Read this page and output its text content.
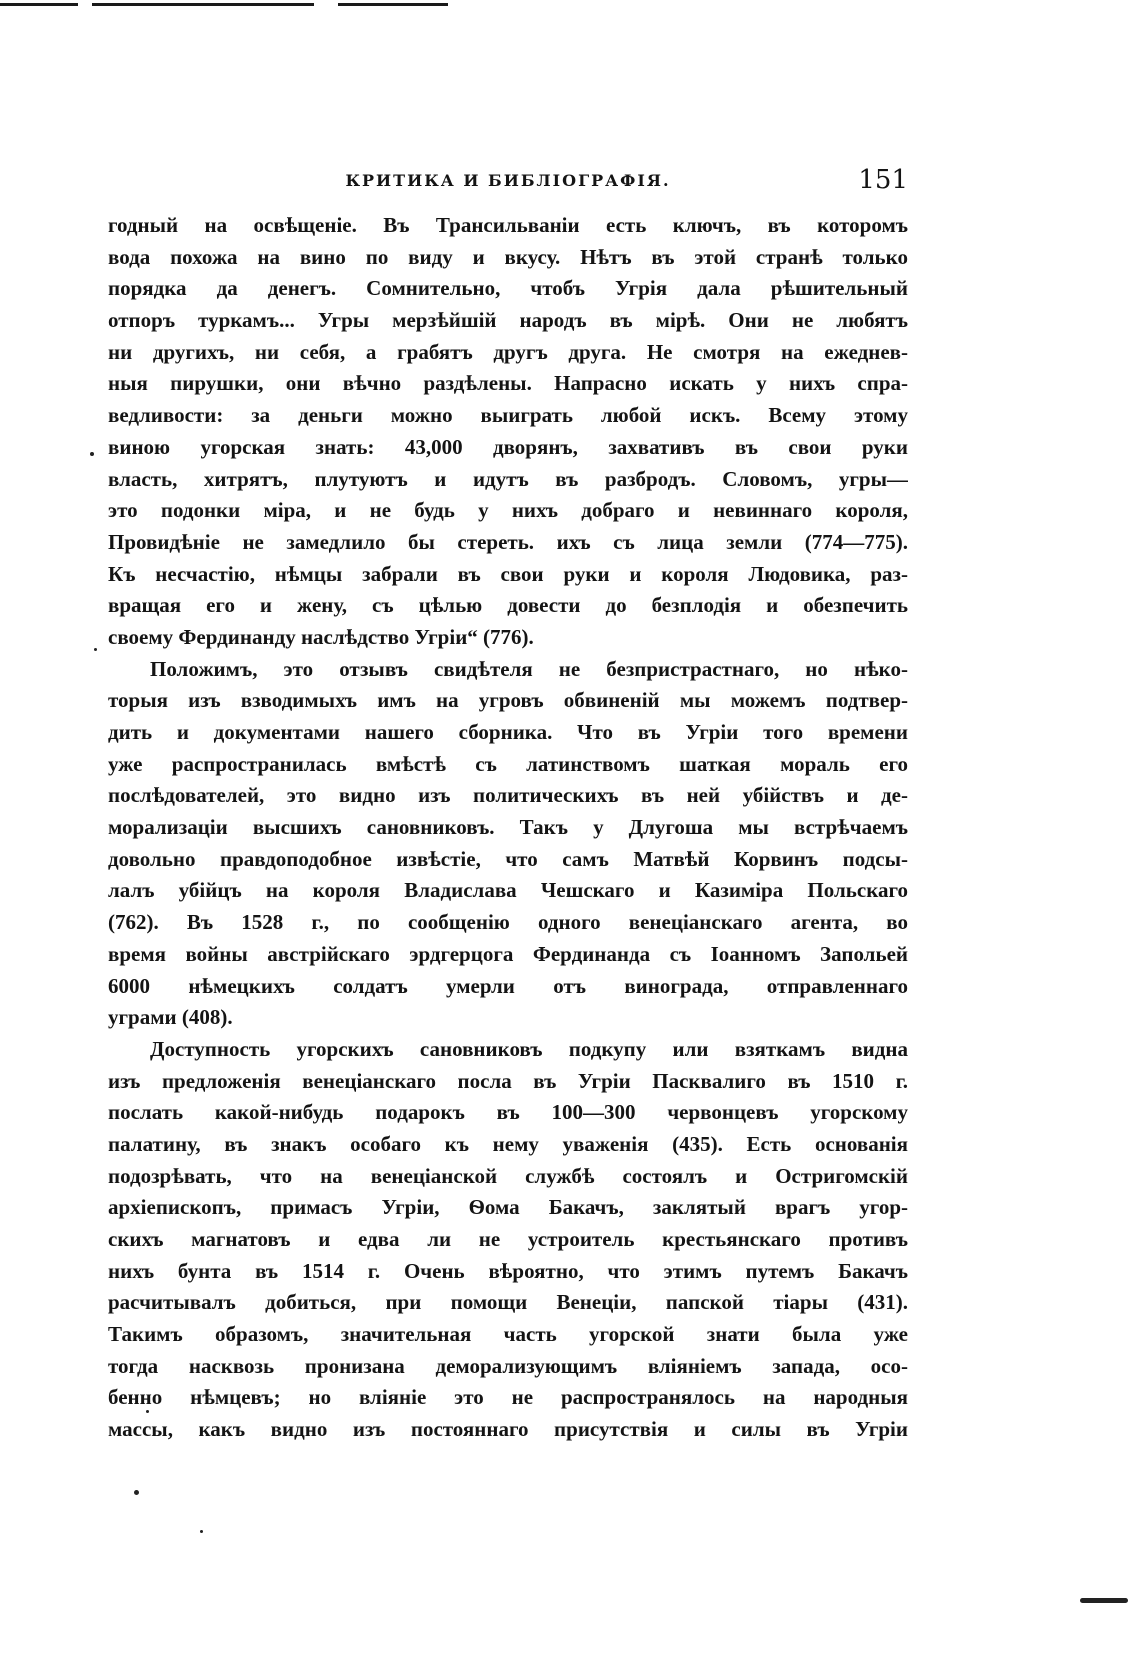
КРИТИКА И БИБЛІОГРАФІЯ.	151
годный на освѣщеніе. Въ Трансильваніи есть ключъ, въ которомъ
вода похожа на вино по виду и вкусу. Нѣтъ въ этой странѣ только
порядка да денегъ. Сомнительно, чтобъ Угрія дала рѣшительный
отпоръ туркамъ... Угры мерзѣйшій народъ въ мірѣ. Они не любятъ
ни другихъ, ни себя, а грабятъ другъ друга. Не смотря на ежеднев-
ныя пирушки, они вѣчно раздѣлены. Напрасно искать у нихъ спра-
ведливости: за деньги можно выиграть любой искъ. Всему этому
виною угорская знать: 43,000 дворянъ, захвативъ въ свои руки
власть, хитрятъ, плутуютъ и идутъ въ разбродъ. Словомъ, угры—
это подонки міра, и не будь у нихъ добраго и невиннаго короля,
Провидѣніе не замедлило бы стереть. ихъ съ лица земли (774—775).
Къ несчастію, нѣмцы забрали въ свои руки и короля Людовика, раз-
вращая его и жену, съ цѣлью довести до безплодія и обезпечить
своему Фердинанду наслѣдство Угріи“ (776).
Положимъ, это отзывъ свидѣтеля не безпристрастнаго, но нѣко-
торыя изъ взводимыхъ имъ на угровъ обвиненій мы можемъ подтвер-
дить и документами нашего сборника. Что въ Угріи того времени
уже распространилась вмѣстѣ съ латинствомъ шаткая мораль его
послѣдователей, это видно изъ политическихъ въ ней убійствъ и де-
морализаціи высшихъ сановниковъ. Такъ у Длугоша мы встрѣчаемъ
довольно правдоподобное извѣстіе, что самъ Матвѣй Корвинъ подсы-
лалъ убійцъ на короля Владислава Чешскаго и Казиміра Польскаго
(762). Въ 1528 г., по сообщенію одного венеціанскаго агента, во
время войны австрійскаго эрдгерцога Фердинанда съ Іоанномъ Запольей
6000 нѣмецкихъ солдатъ умерли отъ винограда, отправленнаго
уграми (408).
Доступность угорскихъ сановниковъ подкупу или взяткамъ видна
изъ предложенія венеціанскаго посла въ Угріи Пасквалиго въ 1510 г.
послать какой-нибудь подарокъ въ 100—300 червонцевъ угорскому
палатину, въ знакъ особаго къ нему уваженія (435). Есть основанія
подозрѣвать, что на венеціанской службѣ состоялъ и Остригомскій
архіепископъ, примасъ Угріи, Ѳома Бакачъ, заклятый врагъ угор-
скихъ магнатовъ и едва ли не устроитель крестьянскаго противъ
нихъ бунта въ 1514 г. Очень вѣроятно, что этимъ путемъ Бакачъ
расчитывалъ добиться, при помощи Венеціи, папской тіары (431).
Такимъ образомъ, значительная часть угорской знати была уже
тогда насквозь пронизана деморализующимъ вліяніемъ запада, осо-
бенно нѣмцевъ; но вліяніе это не распространялось на народныя
массы, какъ видно изъ постояннаго присутствія и силы въ Угріи
